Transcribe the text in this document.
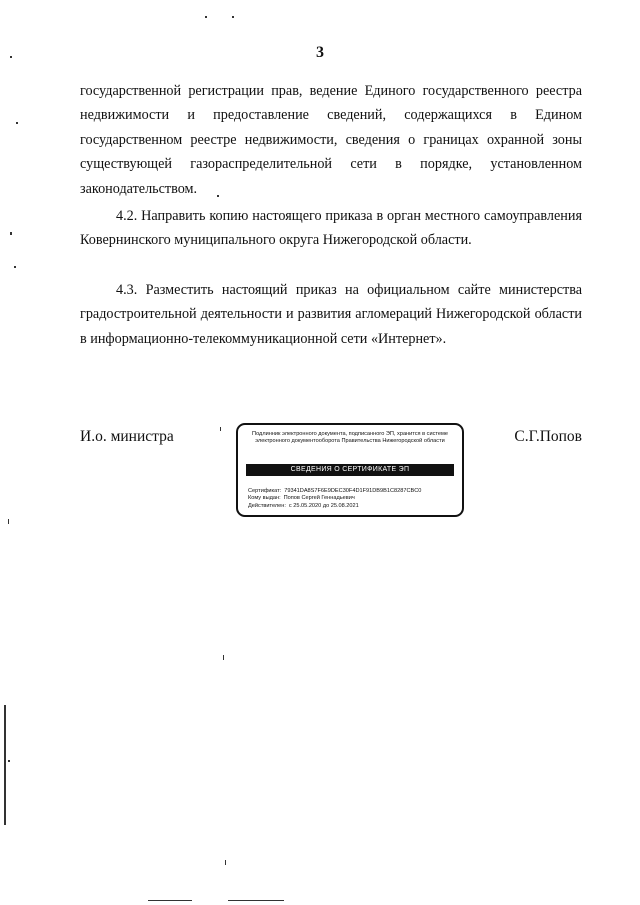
3

государственной регистрации прав, ведение Единого государственного реестра недвижимости и предоставление сведений, содержащихся в Едином государственном реестре недвижимости, сведения о границах охранной зоны существующей газораспределительной сети в порядке, установленном законодательством.

4.2. Направить копию настоящего приказа в орган местного самоуправления Ковернинского муниципального округа Нижегородской области.

4.3. Разместить настоящий приказ на официальном сайте министерства градостроительной деятельности и развития агломераций Нижегородской области в информационно-телекоммуникационной сети «Интернет».

И.о. министра	Подлинник электронного документа, подписанного ЭП, хранится в системе электронного документооборота Правительства Нижегородской области
СВЕДЕНИЯ О СЕРТИФИКАТЕ ЭП
Сертификат: 79341DA8S7F6E9DEC30F4D1F91DB9B1C8287CBC0
Кому выдан: Попов Сергей Геннадьевич
Действителен: с 25.05.2020 до 25.08.2021
С.Г.Попов
